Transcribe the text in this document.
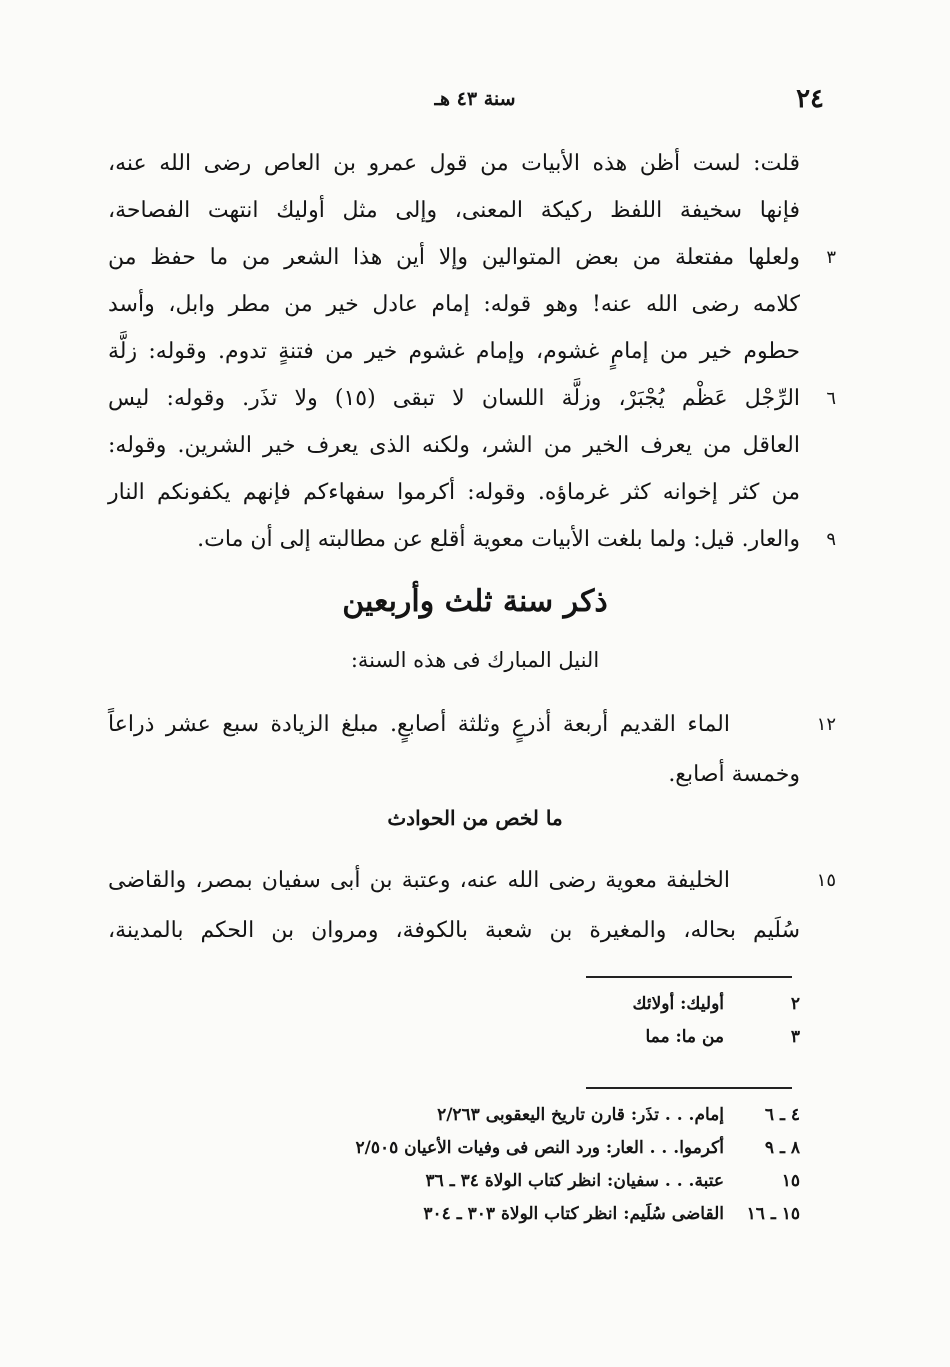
٢٤
سنة ٤٣ هـ
قلت: لست أظن هذه الأبيات من قول عمرو بن العاص رضى الله عنه،
فإنها سخيفة اللفظ ركيكة المعنى، وإلى مثل أوليك انتهت الفصاحة،
٣
ولعلها مفتعلة من بعض المتوالين وإلا أين هذا الشعر من ما حفظ من
كلامه رضى الله عنه! وهو قوله: إمام عادل خير من مطر وابل، وأسد
حطوم خير من إمامٍ غشوم، وإمام غشوم خير من فتنةٍ تدوم. وقوله: زلَّة
٦
الرِّجْل عَظْم يُجْبَرْ، وزلَّة اللسان لا تبقى (١٥) ولا تذَر. وقوله: ليس
العاقل من يعرف الخير من الشر، ولكنه الذى يعرف خير الشرين. وقوله:
من كثر إخوانه كثر غرماؤه. وقوله: أكرموا سفهاءكم فإنهم يكفونكم النار
٩
والعار. قيل: ولما بلغت الأبيات معوية أقلع عن مطالبته إلى أن مات.
ذكر سنة ثلث وأربعين
النيل المبارك فى هذه السنة:
١٢
الماء القديم أربعة أذرعٍ وثلثة أصابعٍ. مبلغ الزيادة سبع عشر ذراعاً
وخمسة أصابع.
ما لخص من الحوادث
١٥
الخليفة معوية رضى الله عنه، وعتبة بن أبى سفيان بمصر، والقاضى
سُلَيم بحاله، والمغيرة بن شعبة بالكوفة، ومروان بن الحكم بالمدينة،
٢
أوليك: أولائك
٣
من ما: مما
٤ ـ ٦
إمام. . . تذَر: قارن تاريخ اليعقوبى ٢/٢٦٣
٨ ـ ٩
أكرموا. . . العار: ورد النص فى وفيات الأعيان ٢/٥٠٥
١٥
عتبة. . . سفيان: انظر كتاب الولاة ٣٤ ـ ٣٦
١٥ ـ ١٦
القاضى سُلَيم: انظر كتاب الولاة ٣٠٣ ـ ٣٠٤
